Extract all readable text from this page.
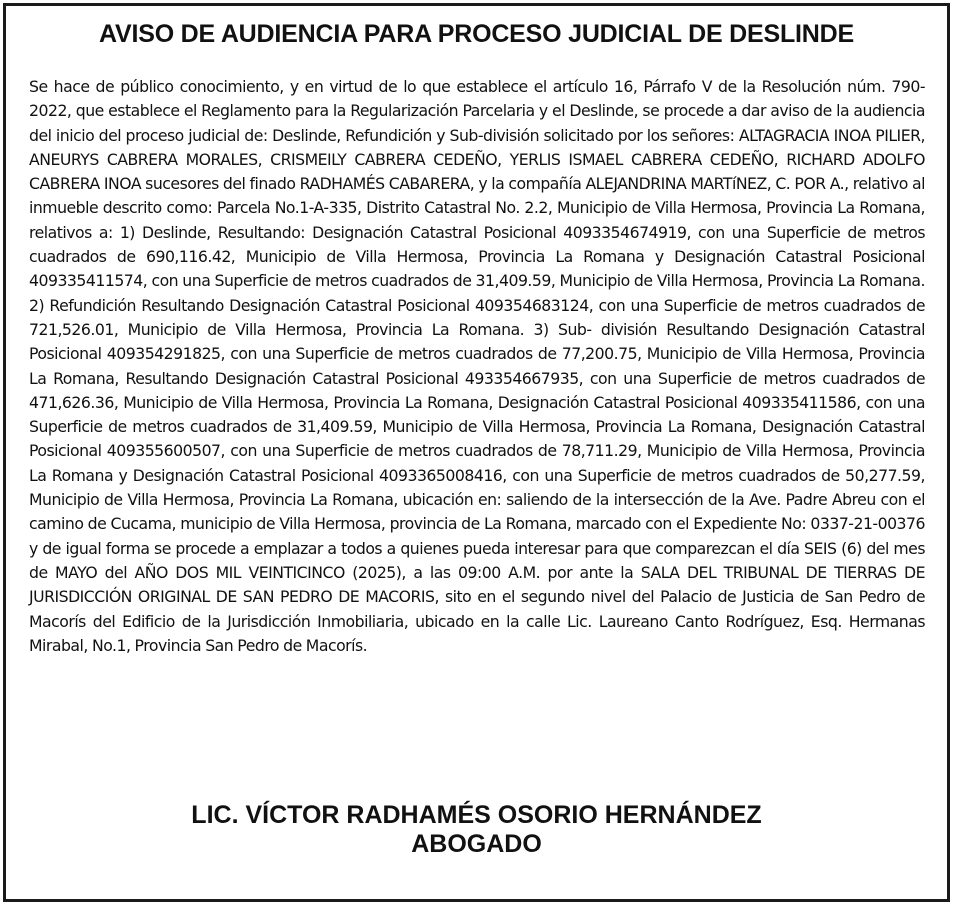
AVISO DE AUDIENCIA PARA PROCESO JUDICIAL DE DESLINDE

Se hace de público conocimiento, y en virtud de lo que establece el artículo 16, Párrafo V de la Resolución núm. 790-2022, que establece el Reglamento para la Regularización Parcelaria y el Deslinde, se procede a dar aviso de la audiencia del inicio del proceso judicial de: Deslinde, Refundición y Sub-división solicitado por los señores: ALTAGRACIA INOA PILIER, ANEURYS CABRERA MORALES, CRISMEILY CABRERA CEDEÑO, YERLIS ISMAEL CABRERA CEDEÑO, RICHARD ADOLFO CABRERA INOA sucesores del finado RADHAMÉS CABARERA, y la compañía ALEJANDRINA MARTíNEZ, C. POR A., relativo al inmueble descrito como: Parcela No.1-A-335, Distrito Catastral No. 2.2, Municipio de Villa Hermosa, Provincia La Romana, relativos a: 1) Deslinde, Resultando: Designación Catastral Posicional 4093354674919, con una Superficie de metros cuadrados de 690,116.42, Municipio de Villa Hermosa, Provincia La Romana y Designación Catastral Posicional 409335411574, con una Superficie de metros cuadrados de 31,409.59, Municipio de Villa Hermosa, Provincia La Romana. 2) Refundición Resultando Designación Catastral Posicional 409354683124, con una Superficie de metros cuadrados de 721,526.01, Municipio de Villa Hermosa, Provincia La Romana. 3) Sub- división Resultando Designación Catastral Posicional 409354291825, con una Superficie de metros cuadrados de 77,200.75, Municipio de Villa Hermosa, Provincia La Romana, Resultando Designación Catastral Posicional 493354667935, con una Superficie de metros cuadrados de 471,626.36, Municipio de Villa Hermosa, Provincia La Romana, Designación Catastral Posicional 409335411586, con una Superficie de metros cuadrados de 31,409.59, Municipio de Villa Hermosa, Provincia La Romana, Designación Catastral Posicional 409355600507, con una Superficie de metros cuadrados de 78,711.29, Municipio de Villa Hermosa, Provincia La Romana y Designación Catastral Posicional 4093365008416, con una Superficie de metros cuadrados de 50,277.59, Municipio de Villa Hermosa, Provincia La Romana, ubicación en: saliendo de la intersección de la Ave. Padre Abreu con el camino de Cucama, municipio de Villa Hermosa, provincia de La Romana, marcado con el Expediente No: 0337-21-00376 y de igual forma se procede a emplazar a todos a quienes pueda interesar para que comparezcan el día SEIS (6) del mes de MAYO del AÑO DOS MIL VEINTICINCO (2025), a las 09:00 A.M. por ante la SALA DEL TRIBUNAL DE TIERRAS DE JURISDICCIÓN ORIGINAL DE SAN PEDRO DE MACORIS, sito en el segundo nivel del Palacio de Justicia de San Pedro de Macorís del Edificio de la Jurisdicción Inmobiliaria, ubicado en la calle Lic. Laureano Canto Rodríguez, Esq. Hermanas Mirabal, No.1, Provincia San Pedro de Macorís.

LIC. VÍCTOR RADHAMÉS OSORIO HERNÁNDEZ
ABOGADO
